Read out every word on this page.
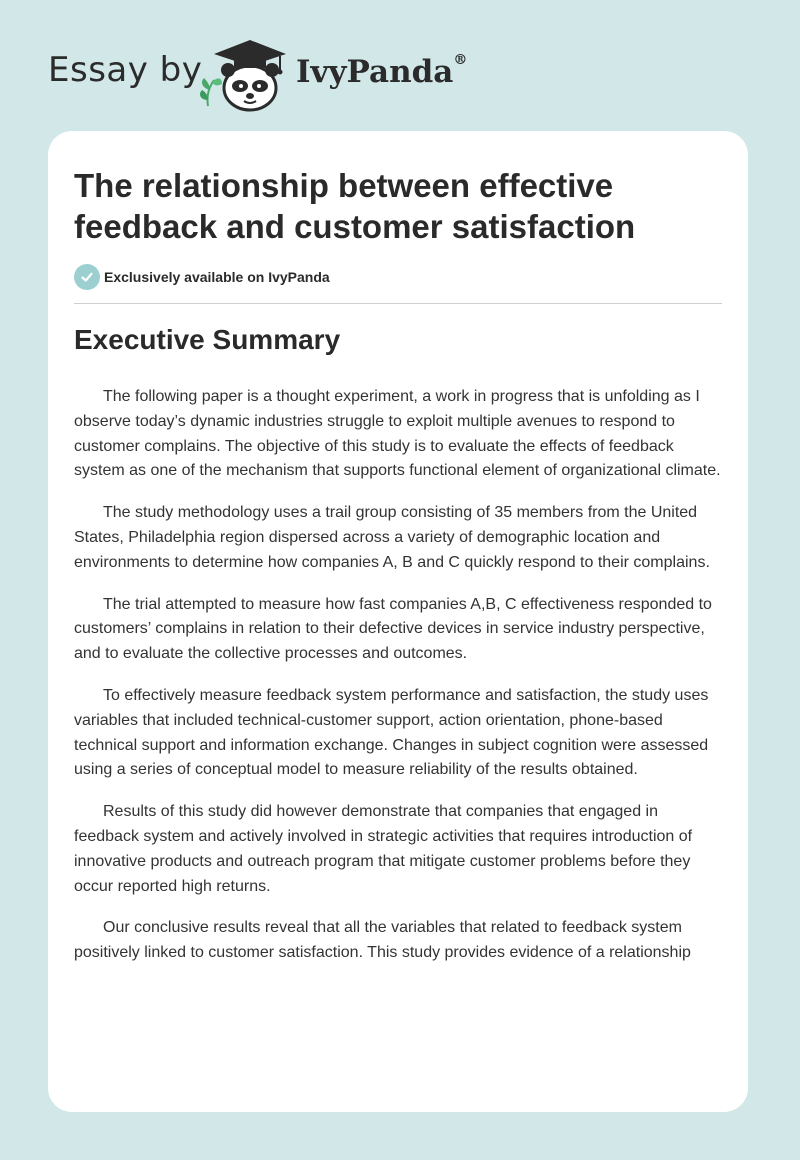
Essay by	IvyPanda®
The relationship between effective feedback and customer satisfaction
Exclusively available on IvyPanda
Executive Summary

The following paper is a thought experiment, a work in progress that is unfolding as I observe today’s dynamic industries struggle to exploit multiple avenues to respond to customer complains. The objective of this study is to evaluate the effects of feedback system as one of the mechanism that supports functional element of organizational climate.

The study methodology uses a trail group consisting of 35 members from the United States, Philadelphia region dispersed across a variety of demographic location and environments to determine how companies A, B and C quickly respond to their complains.

The trial attempted to measure how fast companies A,B, C effectiveness responded to customers’ complains in relation to their defective devices in service industry perspective, and to evaluate the collective processes and outcomes.

To effectively measure feedback system performance and satisfaction, the study uses variables that included technical-customer support, action orientation, phone-based technical support and information exchange. Changes in subject cognition were assessed using a series of conceptual model to measure reliability of the results obtained.

Results of this study did however demonstrate that companies that engaged in feedback system and actively involved in strategic activities that requires introduction of innovative products and outreach program that mitigate customer problems before they occur reported high returns.

Our conclusive results reveal that all the variables that related to feedback system positively linked to customer satisfaction. This study provides evidence of a relationship
